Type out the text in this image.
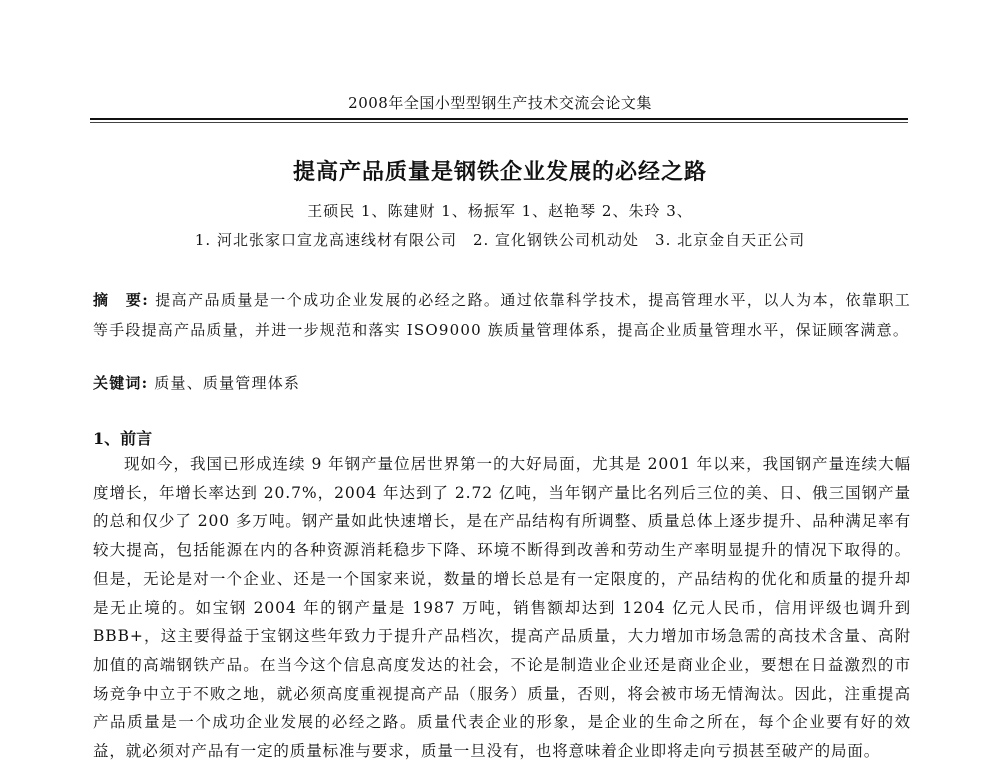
2008年全国小型型钢生产技术交流会论文集
提高产品质量是钢铁企业发展的必经之路
王硕民 1、陈建财 1、杨振军 1、赵艳琴 2、朱玲 3、
1. 河北张家口宣龙高速线材有限公司　2. 宣化钢铁公司机动处　3. 北京金自天正公司
摘　要: 提高产品质量是一个成功企业发展的必经之路。通过依靠科学技术，提高管理水平，以人为本，依靠职工等手段提高产品质量，并进一步规范和落实 ISO9000 族质量管理体系，提高企业质量管理水平，保证顾客满意。
关键词: 质量、质量管理体系
1、前言
现如今，我国已形成连续 9 年钢产量位居世界第一的大好局面，尤其是 2001 年以来，我国钢产量连续大幅度增长，年增长率达到 20.7%，2004 年达到了 2.72 亿吨，当年钢产量比名列后三位的美、日、俄三国钢产量的总和仅少了 200 多万吨。钢产量如此快速增长，是在产品结构有所调整、质量总体上逐步提升、品种满足率有较大提高，包括能源在内的各种资源消耗稳步下降、环境不断得到改善和劳动生产率明显提升的情况下取得的。但是，无论是对一个企业、还是一个国家来说，数量的增长总是有一定限度的，产品结构的优化和质量的提升却是无止境的。如宝钢 2004 年的钢产量是 1987 万吨，销售额却达到 1204 亿元人民币，信用评级也调升到 BBB+，这主要得益于宝钢这些年致力于提升产品档次，提高产品质量，大力增加市场急需的高技术含量、高附加值的高端钢铁产品。在当今这个信息高度发达的社会，不论是制造业企业还是商业企业，要想在日益激烈的市场竞争中立于不败之地，就必须高度重视提高产品（服务）质量，否则，将会被市场无情淘汰。因此，注重提高产品质量是一个成功企业发展的必经之路。质量代表企业的形象，是企业的生命之所在，每个企业要有好的效益，就必须对产品有一定的质量标准与要求，质量一旦没有，也将意味着企业即将走向亏损甚至破产的局面。
